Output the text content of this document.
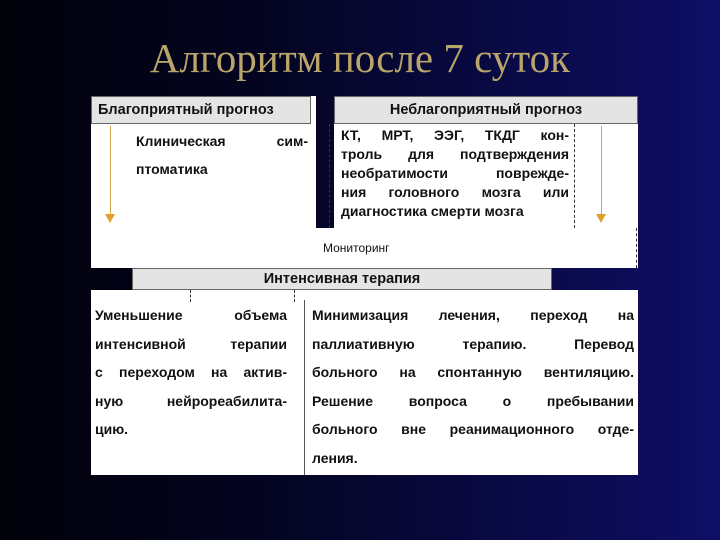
Алгоритм после 7 суток
Благоприятный прогноз	Неблагоприятный прогноз
Клиническая сим-
птоматика
КТ, МРТ, ЭЭГ, ТКДГ кон-
троль для подтверждения
необратимости поврежде-
ния головного мозга или
диагностика смерти мозга
Мониторинг
Интенсивная терапия
Уменьшение объема
интенсивной терапии
с переходом на актив-
ную нейрореабилита-
цию.
Минимизация лечения, переход на
паллиативную терапию. Перевод
больного на спонтанную вентиляцию.
Решение вопроса о пребывании
больного вне реанимационного отде-
ления.
